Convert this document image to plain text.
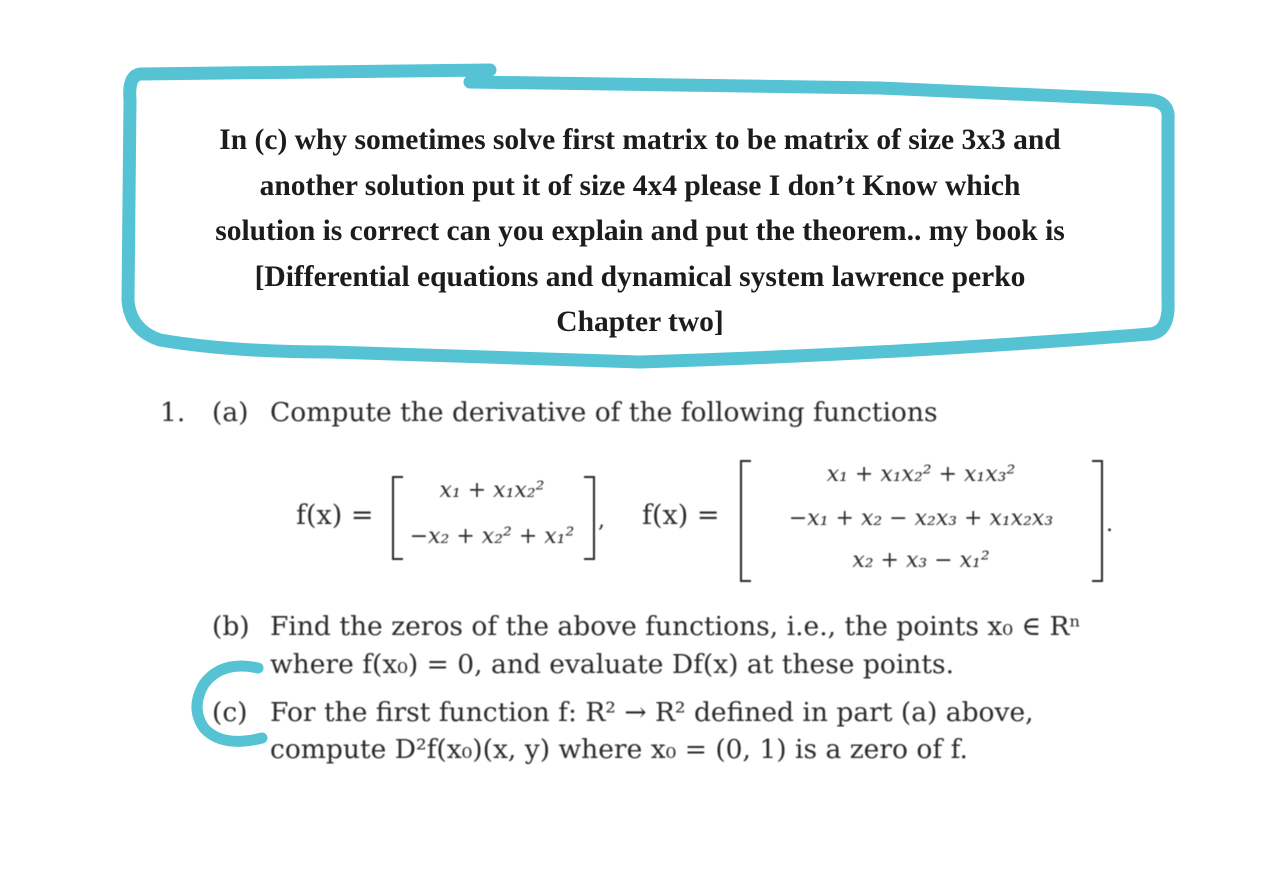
In (c) why sometimes solve first matrix to be matrix of size 3x3 and
another solution put it of size 4x4 please I don’t Know which
solution is correct can you explain and put the theorem.. my book is
[Differential equations and dynamical system lawrence perko
Chapter two]
1. (a) Compute the derivative of the following functions
f(x) =
x₁ + x₁x₂²
−x₂ + x₂² + x₁²
, f(x) =
x₁ + x₁x₂² + x₁x₃²
−x₁ + x₂ − x₂x₃ + x₁x₂x₃
x₂ + x₃ − x₁²
.
(b) Find the zeros of the above functions, i.e., the points x₀ ∈ Rⁿ
where f(x₀) = 0, and evaluate Df(x) at these points.
(c) For the first function f: R² → R² defined in part (a) above,
compute D²f(x₀)(x, y) where x₀ = (0, 1) is a zero of f.
